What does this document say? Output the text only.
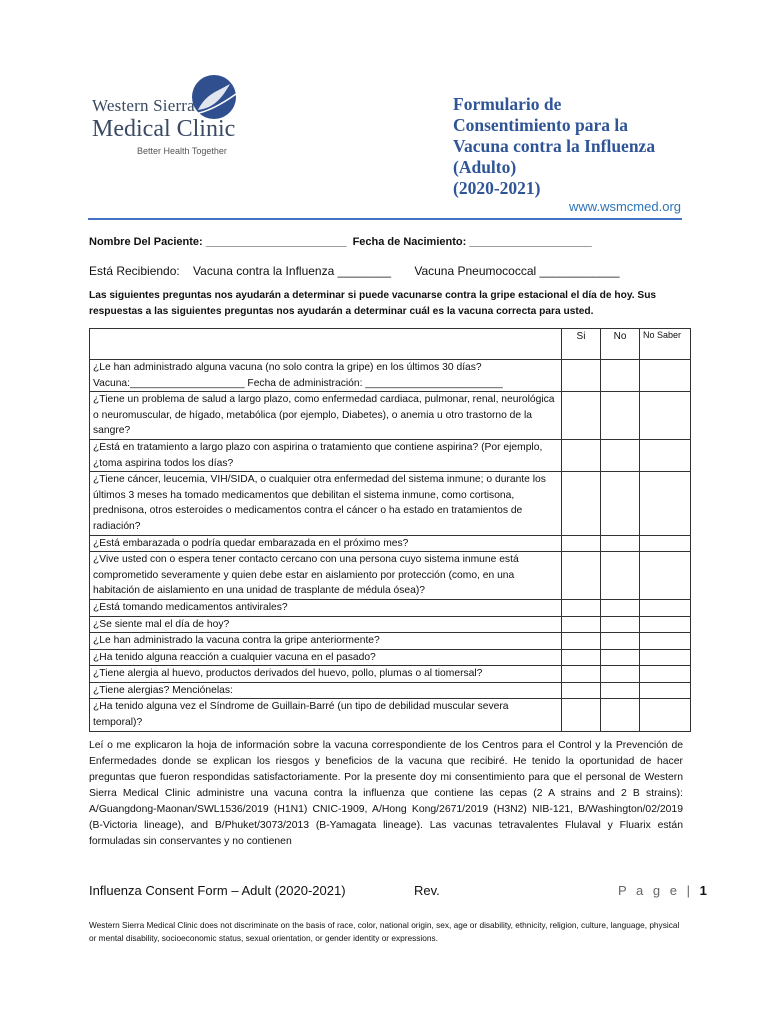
Western Sierra
Medical Clinic
Better Health Together
Formulario de
Consentimiento para la
Vacuna contra la Influenza
(Adulto)
(2020-2021)
www.wsmcmed.org
Nombre Del Paciente: _______________________  Fecha de Nacimiento: ____________________
Está Recibiendo:    Vacuna contra la Influenza ________       Vacuna Pneumococcal ____________
Las siguientes preguntas nos ayudarán a determinar si puede vacunarse contra la gripe estacional el día de hoy. Sus respuestas a las siguientes preguntas nos ayudarán a determinar cuál es la vacuna correcta para usted.
	Si	No	No Saber
¿Le han administrado alguna vacuna (no solo contra la gripe) en los últimos 30 días? Vacuna:____________________ Fecha de administración: ________________________			
¿Tiene un problema de salud a largo plazo, como enfermedad cardiaca, pulmonar, renal, neurológica o neuromuscular, de hígado, metabólica (por ejemplo, Diabetes), o anemia u otro trastorno de la sangre?			
¿Está en tratamiento a largo plazo con aspirina o tratamiento que contiene aspirina? (Por ejemplo, ¿toma aspirina todos los días?			
¿Tiene cáncer, leucemia, VIH/SIDA, o cualquier otra enfermedad del sistema inmune; o durante los últimos 3 meses ha tomado medicamentos que debilitan el sistema inmune, como cortisona, prednisona, otros esteroides o medicamentos contra el cáncer o ha estado en tratamientos de radiación?			
¿Está embarazada o podría quedar embarazada en el próximo mes?			
¿Vive usted con o espera tener contacto cercano con una persona cuyo sistema inmune está comprometido severamente y quien debe estar en aislamiento por protección (como, en una habitación de aislamiento en una unidad de trasplante de médula ósea)?			
¿Está tomando medicamentos antivirales?			
¿Se siente mal el día de hoy?			
¿Le han administrado la vacuna contra la gripe anteriormente?			
¿Ha tenido alguna reacción a cualquier vacuna en el pasado?			
¿Tiene alergia al huevo, productos derivados del huevo, pollo, plumas o al tiomersal?			
¿Tiene alergias? Menciónelas:			
¿Ha tenido alguna vez el Síndrome de Guillain-Barré (un tipo de debilidad muscular severa temporal)?			
Leí o me explicaron la hoja de información sobre la vacuna correspondiente de los Centros para el Control y la Prevención de Enfermedades donde se explican los riesgos y beneficios de la vacuna que recibiré. He tenido la oportunidad de hacer preguntas que fueron respondidas satisfactoriamente. Por la presente doy mi consentimiento para que el personal de Western Sierra Medical Clinic administre una vacuna contra la influenza que contiene las cepas (2 A strains and 2 B strains): A/Guangdong-Maonan/SWL1536/2019 (H1N1) CNIC-1909, A/Hong Kong/2671/2019 (H3N2) NIB-121, B/Washington/02/2019 (B-Victoria lineage), and B/Phuket/3073/2013 (B-Yamagata lineage). Las vacunas tetravalentes Flulaval y Fluarix están formuladas sin conservantes y no contienen
Influenza Consent Form – Adult (2020-2021)	Rev.	P a g e | 1
Western Sierra Medical Clinic does not discriminate on the basis of race, color, national origin, sex, age or disability, ethnicity, religion, culture, language, physical or mental disability, socioeconomic status, sexual orientation, or gender identity or expressions.
